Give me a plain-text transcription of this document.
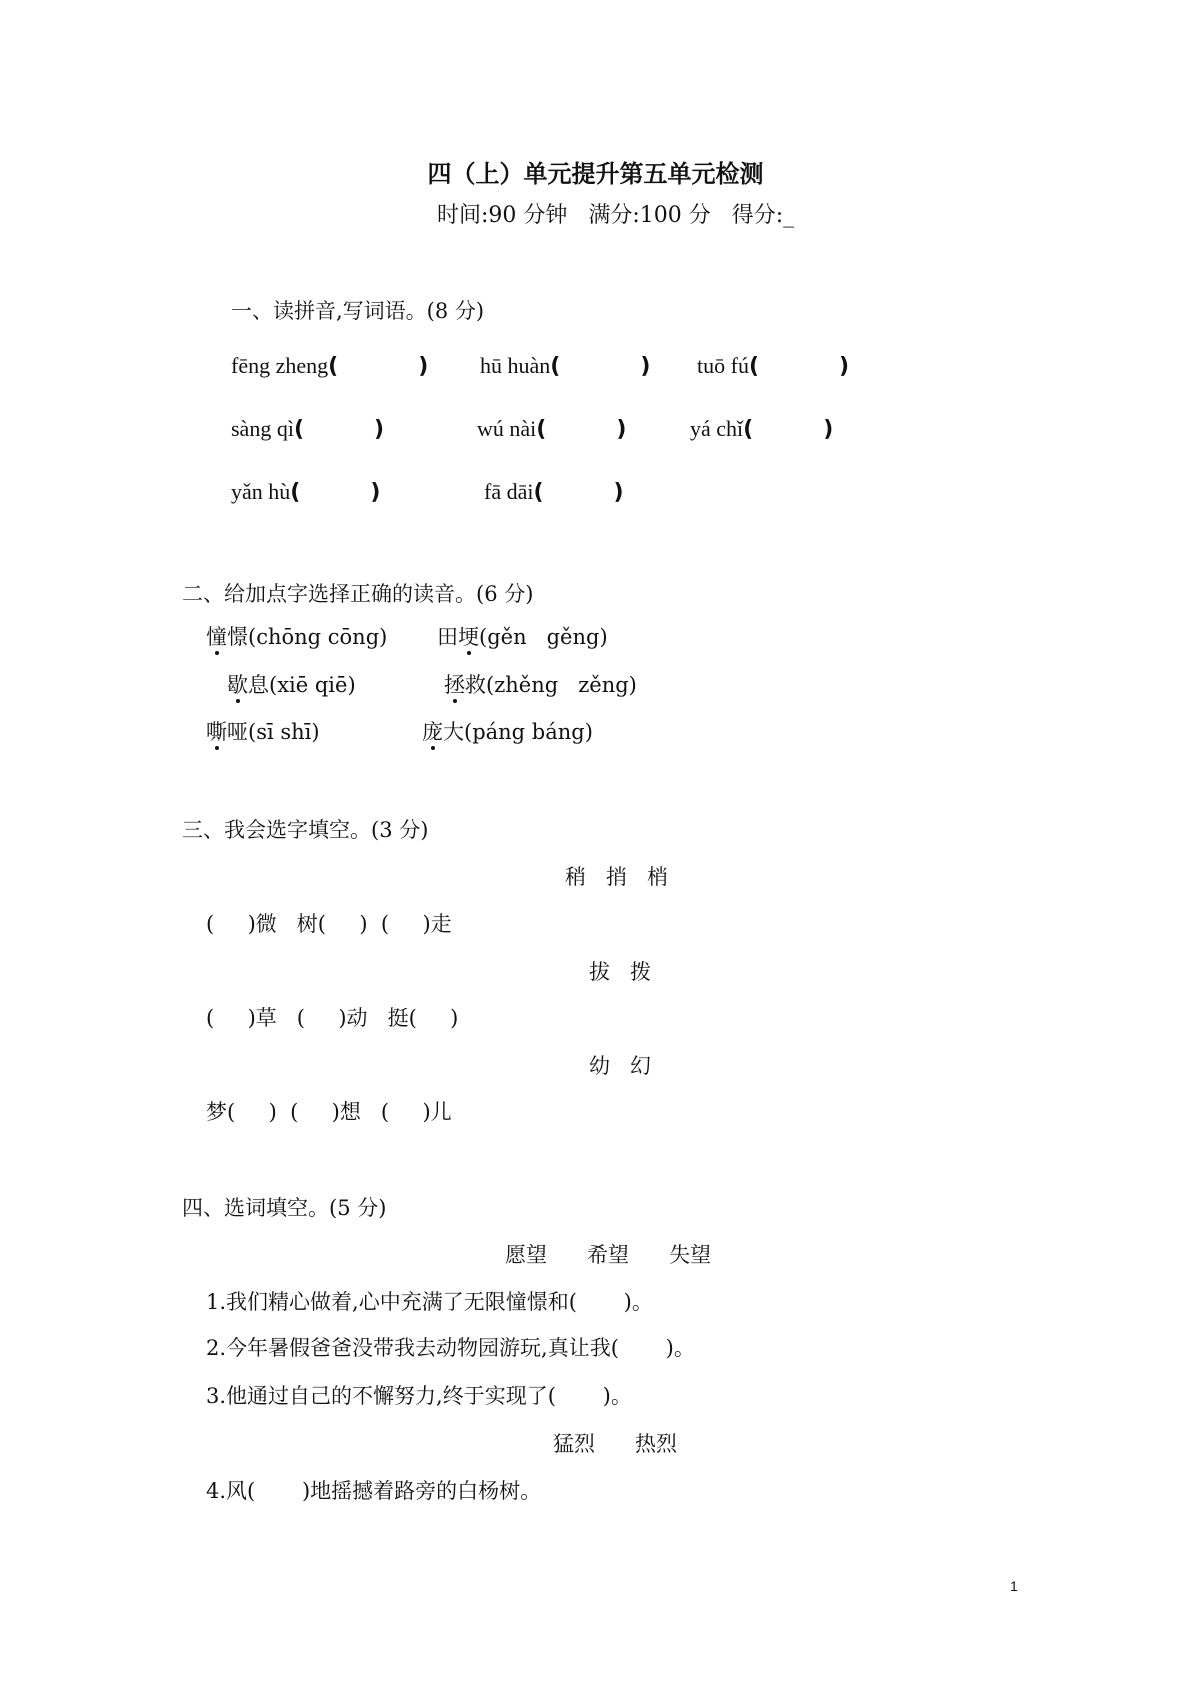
四（上）单元提升第五单元检测
时间:90 分钟   满分:100 分   得分:_
一、读拼音,写词语。(8 分)
fēng zheng(	) hū huàn(	) tuō fú(	)
sàng qì(	)	wú nài(	)	yá chǐ(	)
yǎn hù(	)	fā dāi(	)
二、给加点字选择正确的读音。(6 分)
憧憬(chōng cōng) 田埂(gěn   gěng)
歇息(xiē qiē)	拯救(zhěng   zěng)
嘶哑(sī shī)	庞大(páng báng)
三、我会选字填空。(3 分)
稍   捎   梢
(     )微   树(     )  (     )走
拔   拨
(     )草   (     )动   挺(     )
幼   幻
梦(     )  (     )想   (     )儿
四、选词填空。(5 分)
愿望      希望      失望
1.我们精心做着,心中充满了无限憧憬和(       )。
2.今年暑假爸爸没带我去动物园游玩,真让我(       )。
3.他通过自己的不懈努力,终于实现了(       )。
猛烈      热烈
4.风(       )地摇撼着路旁的白杨树。
1
